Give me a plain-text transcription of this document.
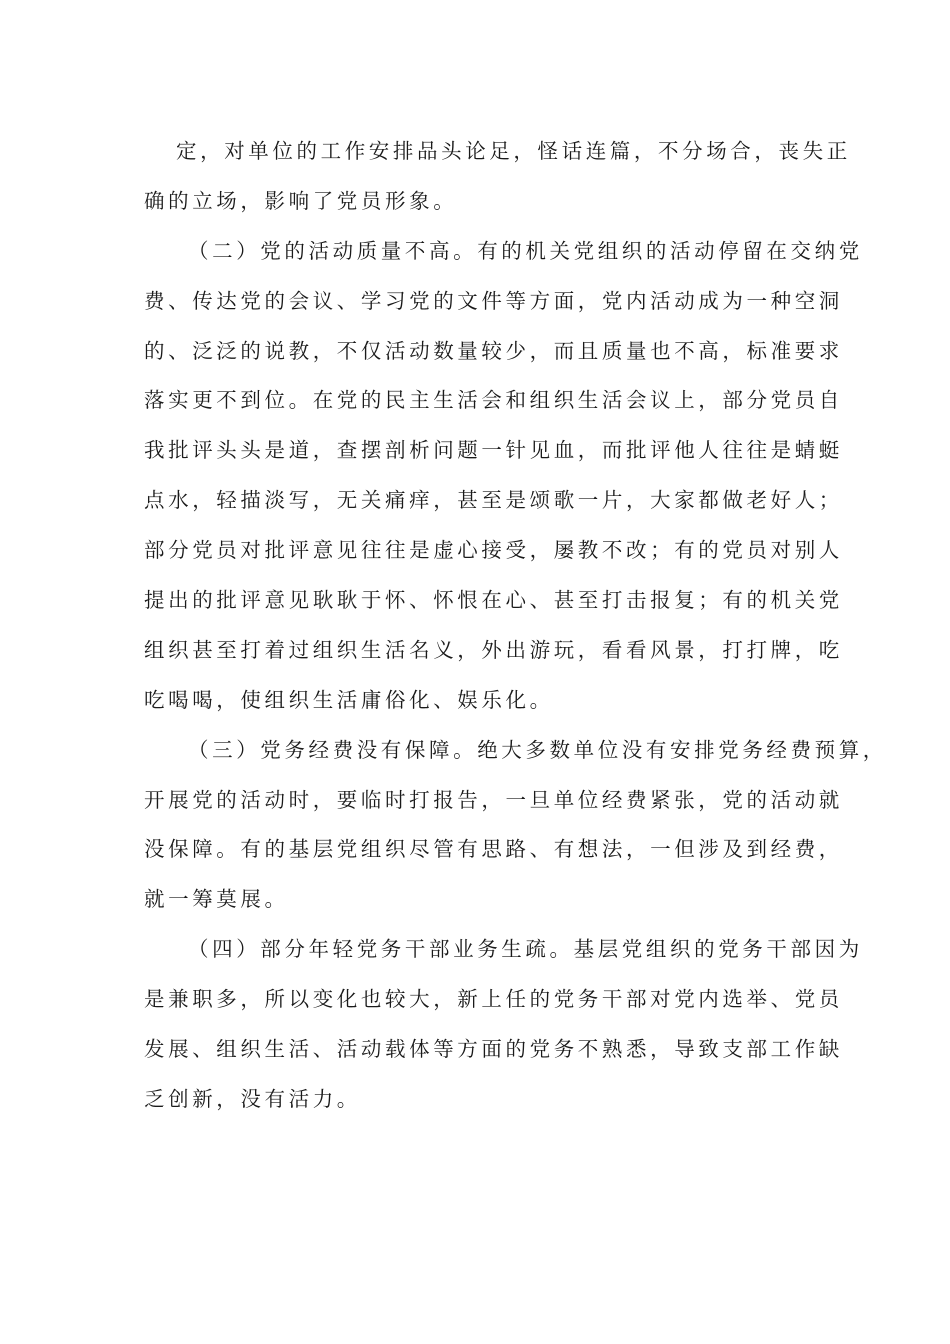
定，对单位的工作安排品头论足，怪话连篇，不分场合，丧失正
确的立场，影响了党员形象。
（二）党的活动质量不高。有的机关党组织的活动停留在交纳党
费、传达党的会议、学习党的文件等方面，党内活动成为一种空洞
的、泛泛的说教，不仅活动数量较少，而且质量也不高，标准要求
落实更不到位。在党的民主生活会和组织生活会议上，部分党员自
我批评头头是道，查摆剖析问题一针见血，而批评他人往往是蜻蜓
点水，轻描淡写，无关痛痒，甚至是颂歌一片，大家都做老好人；
部分党员对批评意见往往是虚心接受，屡教不改；有的党员对别人
提出的批评意见耿耿于怀、怀恨在心、甚至打击报复；有的机关党
组织甚至打着过组织生活名义，外出游玩，看看风景，打打牌，吃
吃喝喝，使组织生活庸俗化、娱乐化。
（三）党务经费没有保障。绝大多数单位没有安排党务经费预算，
开展党的活动时，要临时打报告，一旦单位经费紧张，党的活动就
没保障。有的基层党组织尽管有思路、有想法，一但涉及到经费，
就一筹莫展。
（四）部分年轻党务干部业务生疏。基层党组织的党务干部因为
是兼职多，所以变化也较大，新上任的党务干部对党内选举、党员
发展、组织生活、活动载体等方面的党务不熟悉，导致支部工作缺
乏创新，没有活力。
